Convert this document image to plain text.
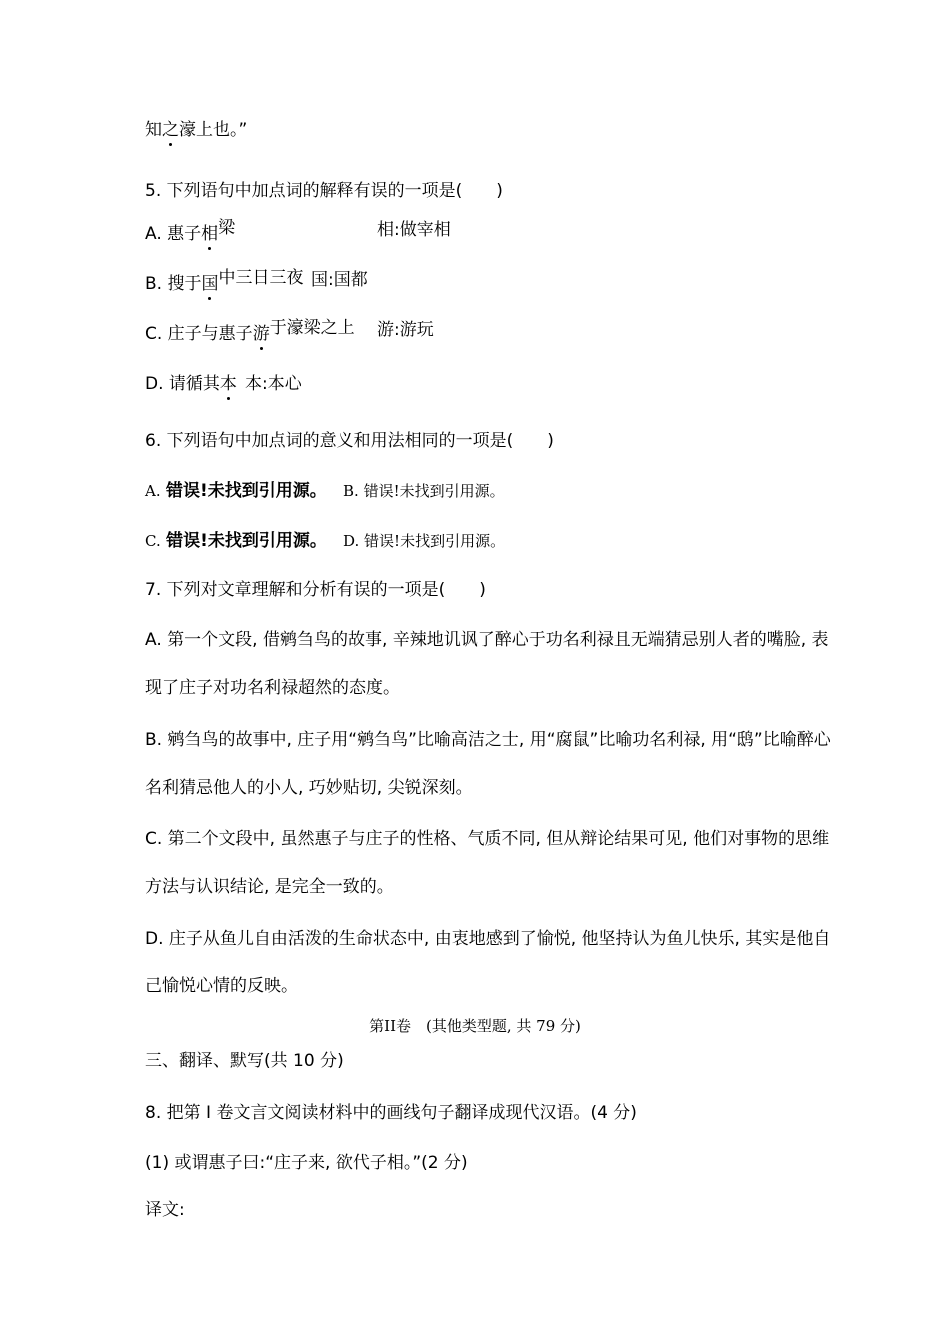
知之濠上也。”
5. 下列语句中加点词的解释有误的一项是(　　)
A. 惠子相梁	相:做宰相
B. 搜于国中三日三夜 国:国都
C. 庄子与惠子游于濠梁之上 游:游玩
D. 请循其本 本:本心
6. 下列语句中加点词的意义和用法相同的一项是(　　)
A. 错误!未找到引用源。 B. 错误!未找到引用源。
C. 错误!未找到引用源。 D. 错误!未找到引用源。
7. 下列对文章理解和分析有误的一项是(　　)
A. 第一个文段, 借鹓刍鸟的故事, 辛辣地讥讽了醉心于功名利禄且无端猜忌别人者的嘴脸, 表
现了庄子对功名利禄超然的态度。
B. 鹓刍鸟的故事中, 庄子用“鹓刍鸟”比喻高洁之士, 用“腐鼠”比喻功名利禄, 用“鸱”比喻醉心
名利猜忌他人的小人, 巧妙贴切, 尖锐深刻。
C. 第二个文段中, 虽然惠子与庄子的性格、气质不同, 但从辩论结果可见, 他们对事物的思维
方法与认识结论, 是完全一致的。
D. 庄子从鱼儿自由活泼的生命状态中, 由衷地感到了愉悦, 他坚持认为鱼儿快乐, 其实是他自
己愉悦心情的反映。
第II卷　(其他类型题, 共 79 分)
三、翻译、默写(共 10 分)
8. 把第 I 卷文言文阅读材料中的画线句子翻译成现代汉语。(4 分)
(1) 或谓惠子曰:“庄子来, 欲代子相。”(2 分)
译文:
